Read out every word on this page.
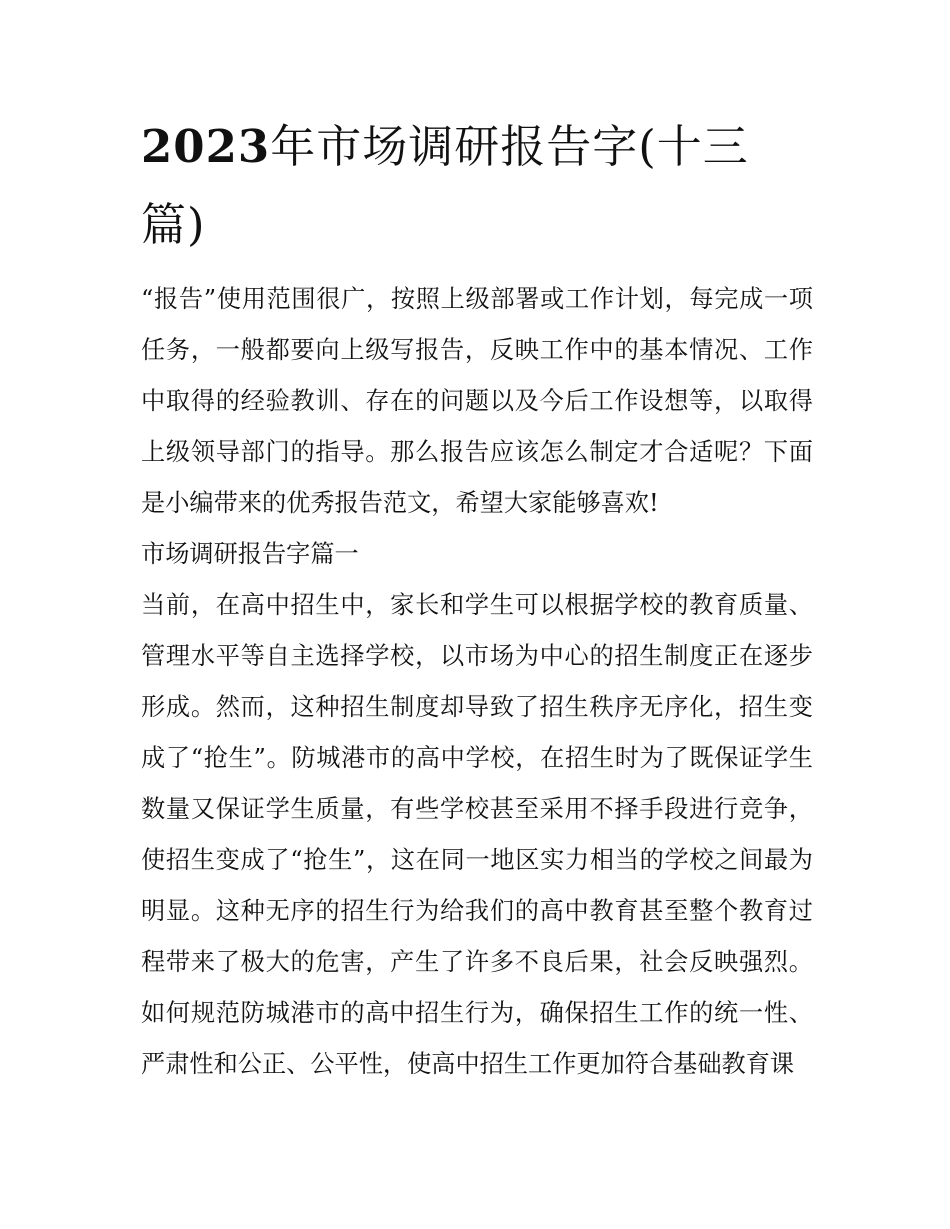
2023年市场调研报告字(十三篇)

“报告”使用范围很广，按照上级部署或工作计划，每完成一项任务，一般都要向上级写报告，反映工作中的基本情况、工作中取得的经验教训、存在的问题以及今后工作设想等，以取得上级领导部门的指导。那么报告应该怎么制定才合适呢？下面是小编带来的优秀报告范文，希望大家能够喜欢!

市场调研报告字篇一

当前，在高中招生中，家长和学生可以根据学校的教育质量、管理水平等自主选择学校，以市场为中心的招生制度正在逐步形成。然而，这种招生制度却导致了招生秩序无序化，招生变成了“抢生”。防城港市的高中学校，在招生时为了既保证学生数量又保证学生质量，有些学校甚至采用不择手段进行竞争，使招生变成了“抢生”，这在同一地区实力相当的学校之间最为明显。这种无序的招生行为给我们的高中教育甚至整个教育过程带来了极大的危害，产生了许多不良后果，社会反映强烈。如何规范防城港市的高中招生行为，确保招生工作的统一性、严肃性和公正、公平性，使高中招生工作更加符合基础教育课
